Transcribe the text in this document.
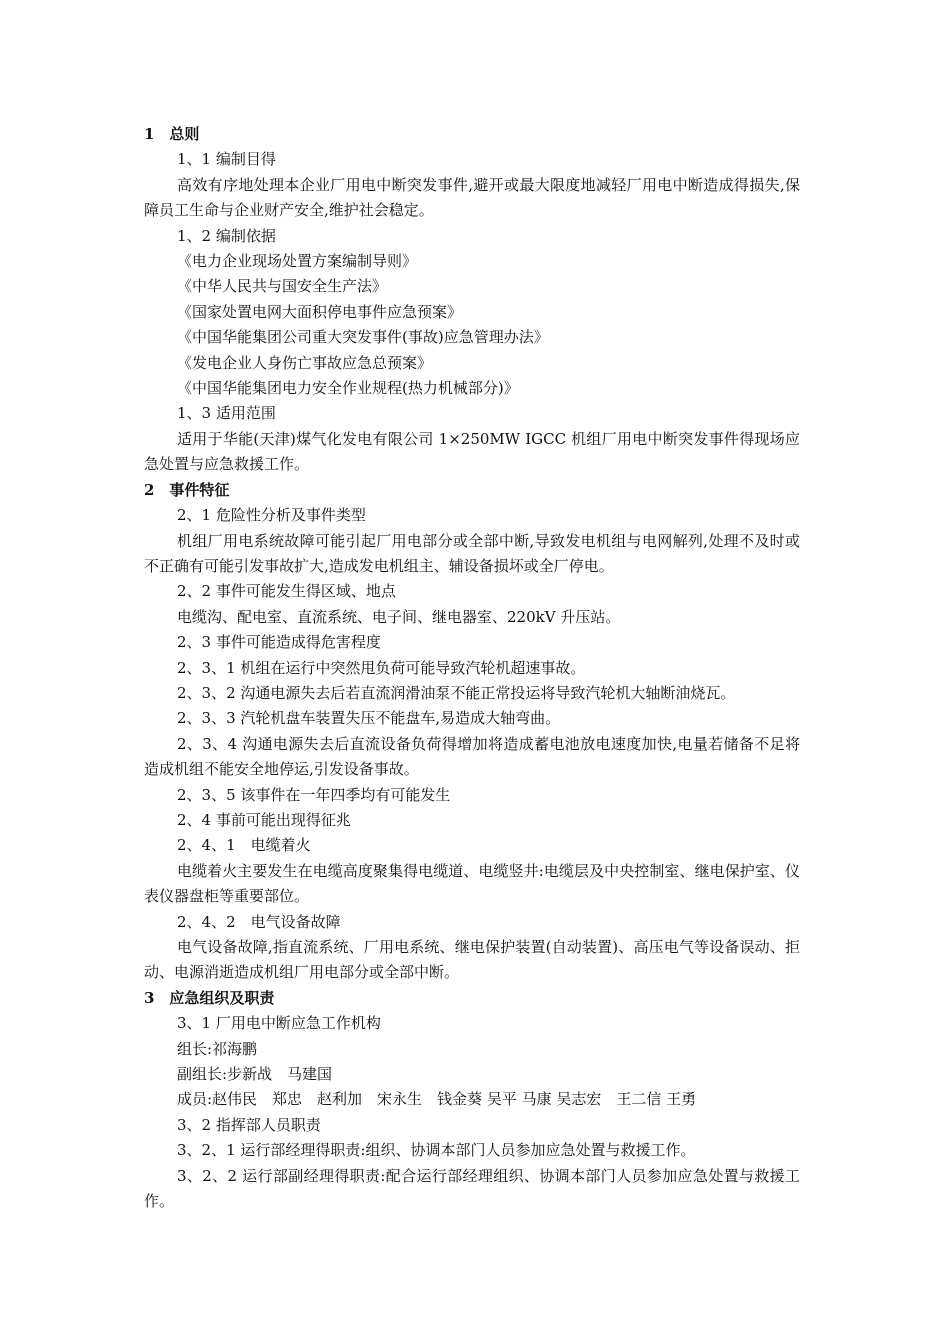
1　总则

1、1 编制目得

高效有序地处理本企业厂用电中断突发事件,避开或最大限度地减轻厂用电中断造成得损失,保障员工生命与企业财产安全,维护社会稳定。

1、2 编制依据

《电力企业现场处置方案编制导则》

《中华人民共与国安全生产法》

《国家处置电网大面积停电事件应急预案》

《中国华能集团公司重大突发事件(事故)应急管理办法》

《发电企业人身伤亡事故应急总预案》

《中国华能集团电力安全作业规程(热力机械部分)》

1、3 适用范围

适用于华能(天津)煤气化发电有限公司 1×250MW IGCC 机组厂用电中断突发事件得现场应急处置与应急救援工作。

2　事件特征

2、1 危险性分析及事件类型

机组厂用电系统故障可能引起厂用电部分或全部中断,导致发电机组与电网解列,处理不及时或不正确有可能引发事故扩大,造成发电机组主、辅设备损坏或全厂停电。

2、2 事件可能发生得区域、地点

电缆沟、配电室、直流系统、电子间、继电器室、220kV 升压站。

2、3 事件可能造成得危害程度

2、3、1 机组在运行中突然甩负荷可能导致汽轮机超速事故。

2、3、2 沟通电源失去后若直流润滑油泵不能正常投运将导致汽轮机大轴断油烧瓦。

2、3、3 汽轮机盘车装置失压不能盘车,易造成大轴弯曲。

2、3、4 沟通电源失去后直流设备负荷得增加将造成蓄电池放电速度加快,电量若储备不足将造成机组不能安全地停运,引发设备事故。

2、3、5 该事件在一年四季均有可能发生

2、4 事前可能出现得征兆

2、4、1　电缆着火

电缆着火主要发生在电缆高度聚集得电缆道、电缆竖井:电缆层及中央控制室、继电保护室、仪表仪器盘柜等重要部位。

2、4、2　电气设备故障

电气设备故障,指直流系统、厂用电系统、继电保护装置(自动装置)、高压电气等设备误动、拒动、电源消逝造成机组厂用电部分或全部中断。

3　应急组织及职责

3、1 厂用电中断应急工作机构

组长:祁海鹏

副组长:步新战　马建国

成员:赵伟民　郑忠　赵利加　宋永生　钱金葵 吴平 马康 吴志宏　王二信 王勇

3、2 指挥部人员职责

3、2、1 运行部经理得职责:组织、协调本部门人员参加应急处置与救援工作。

3、2、2 运行部副经理得职责:配合运行部经理组织、协调本部门人员参加应急处置与救援工作。
